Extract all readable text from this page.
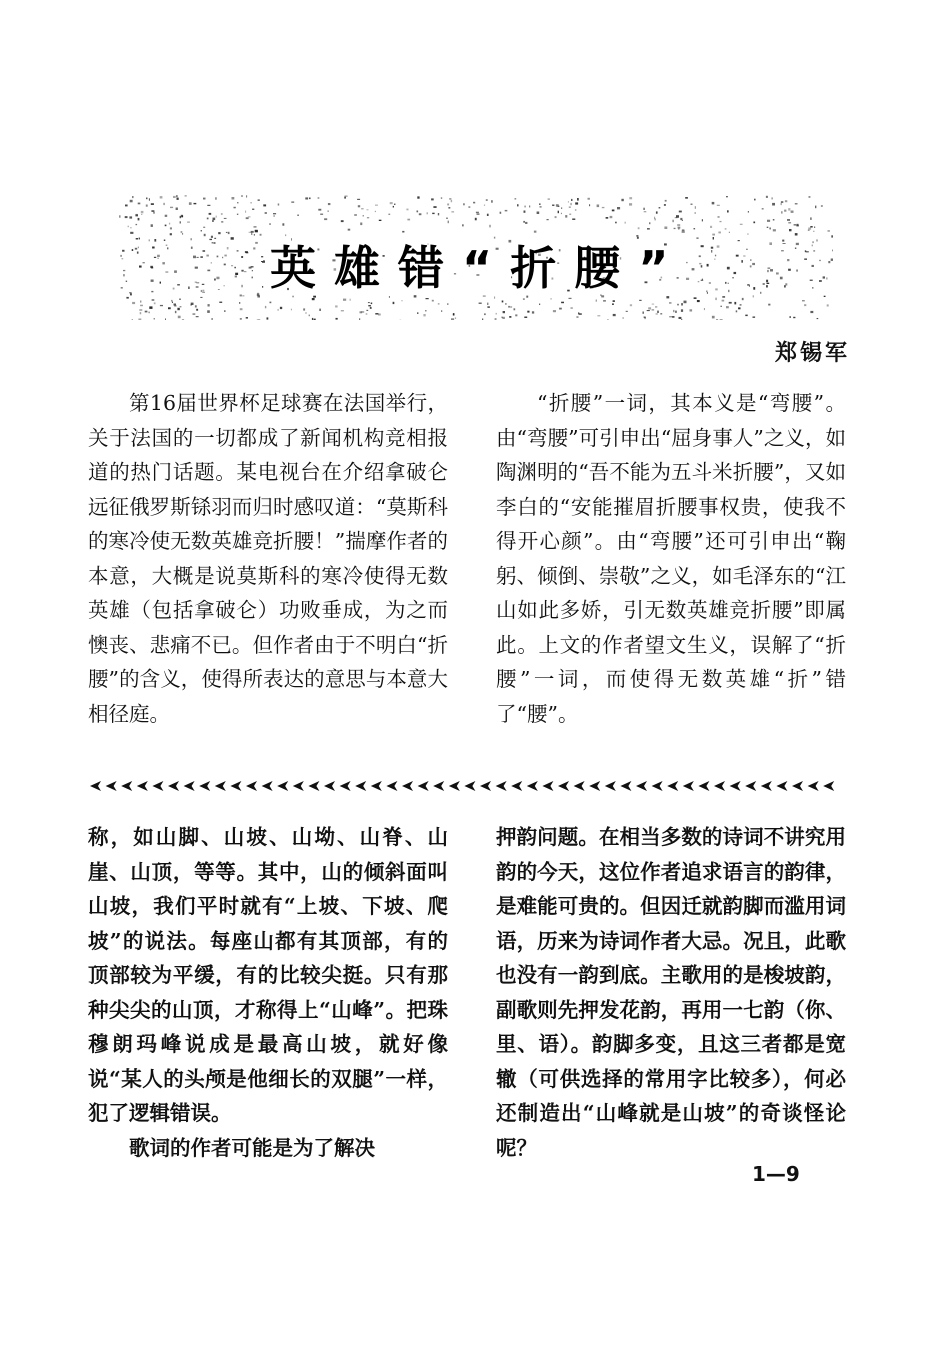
英雄错“折腰”
郑锡军

第16届世界杯足球赛在法国举行，关于法国的一切都成了新闻机构竞相报道的热门话题。某电视台在介绍拿破仑远征俄罗斯铩羽而归时感叹道：“莫斯科的寒冷使无数英雄竞折腰！”揣摩作者的本意，大概是说莫斯科的寒冷使得无数英雄（包括拿破仑）功败垂成，为之而懊丧、悲痛不已。但作者由于不明白“折腰”的含义，使得所表达的意思与本意大相径庭。

“折腰”一词，其本义是“弯腰”。由“弯腰”可引申出“屈身事人”之义，如陶渊明的“吾不能为五斗米折腰”，又如李白的“安能摧眉折腰事权贵，使我不得开心颜”。由“弯腰”还可引申出“鞠躬、倾倒、崇敬”之义，如毛泽东的“江山如此多娇，引无数英雄竞折腰”即属此。上文的作者望文生义，误解了“折腰”一词，而使得无数英雄“折”错了“腰”。

称，如山脚、山坡、山坳、山脊、山崖、山顶，等等。其中，山的倾斜面叫山坡，我们平时就有“上坡、下坡、爬坡”的说法。每座山都有其顶部，有的顶部较为平缓，有的比较尖挺。只有那种尖尖的山顶，才称得上“山峰”。把珠穆朗玛峰说成是最高山坡，就好像说“某人的头颅是他细长的双腿”一样，犯了逻辑错误。

歌词的作者可能是为了解决

押韵问题。在相当多数的诗词不讲究用韵的今天，这位作者追求语言的韵律，是难能可贵的。但因迁就韵脚而滥用词语，历来为诗词作者大忌。况且，此歌也没有一韵到底。主歌用的是梭坡韵，副歌则先押发花韵，再用一七韵（你、里、语）。韵脚多变，且这三者都是宽辙（可供选择的常用字比较多），何必还制造出“山峰就是山坡”的奇谈怪论呢？

1—9
